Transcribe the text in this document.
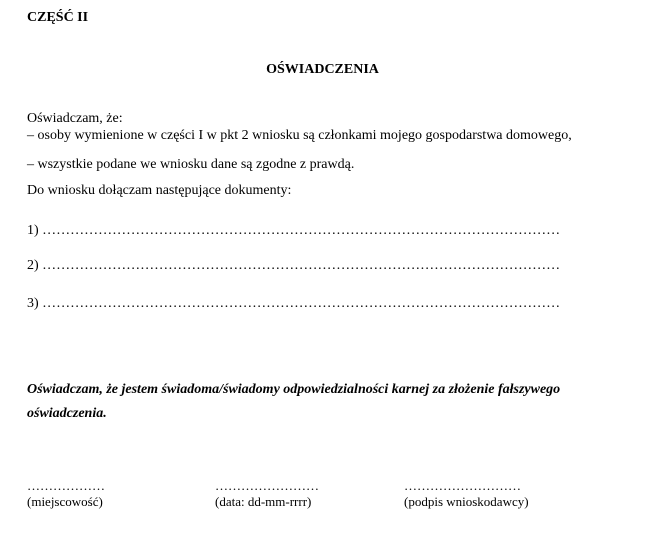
CZĘŚĆ II
OŚWIADCZENIA
Oświadczam, że:
– osoby wymienione w części I w pkt 2 wniosku są członkami mojego gospodarstwa domowego,
– wszystkie podane we wniosku dane są zgodne z prawdą.
Do wniosku dołączam następujące dokumenty:
1) …………………………………………………………………………………………………
2) …………………………………………………………………………………………………
3) …………………………………………………………………………………………………
Oświadczam, że jestem świadoma/świadomy odpowiedzialności karnej za złożenie fałszywego
oświadczenia.
………………
(miejscowość)
……………………
(data: dd-mm-rrrr)
………………………
(podpis wnioskodawcy)
